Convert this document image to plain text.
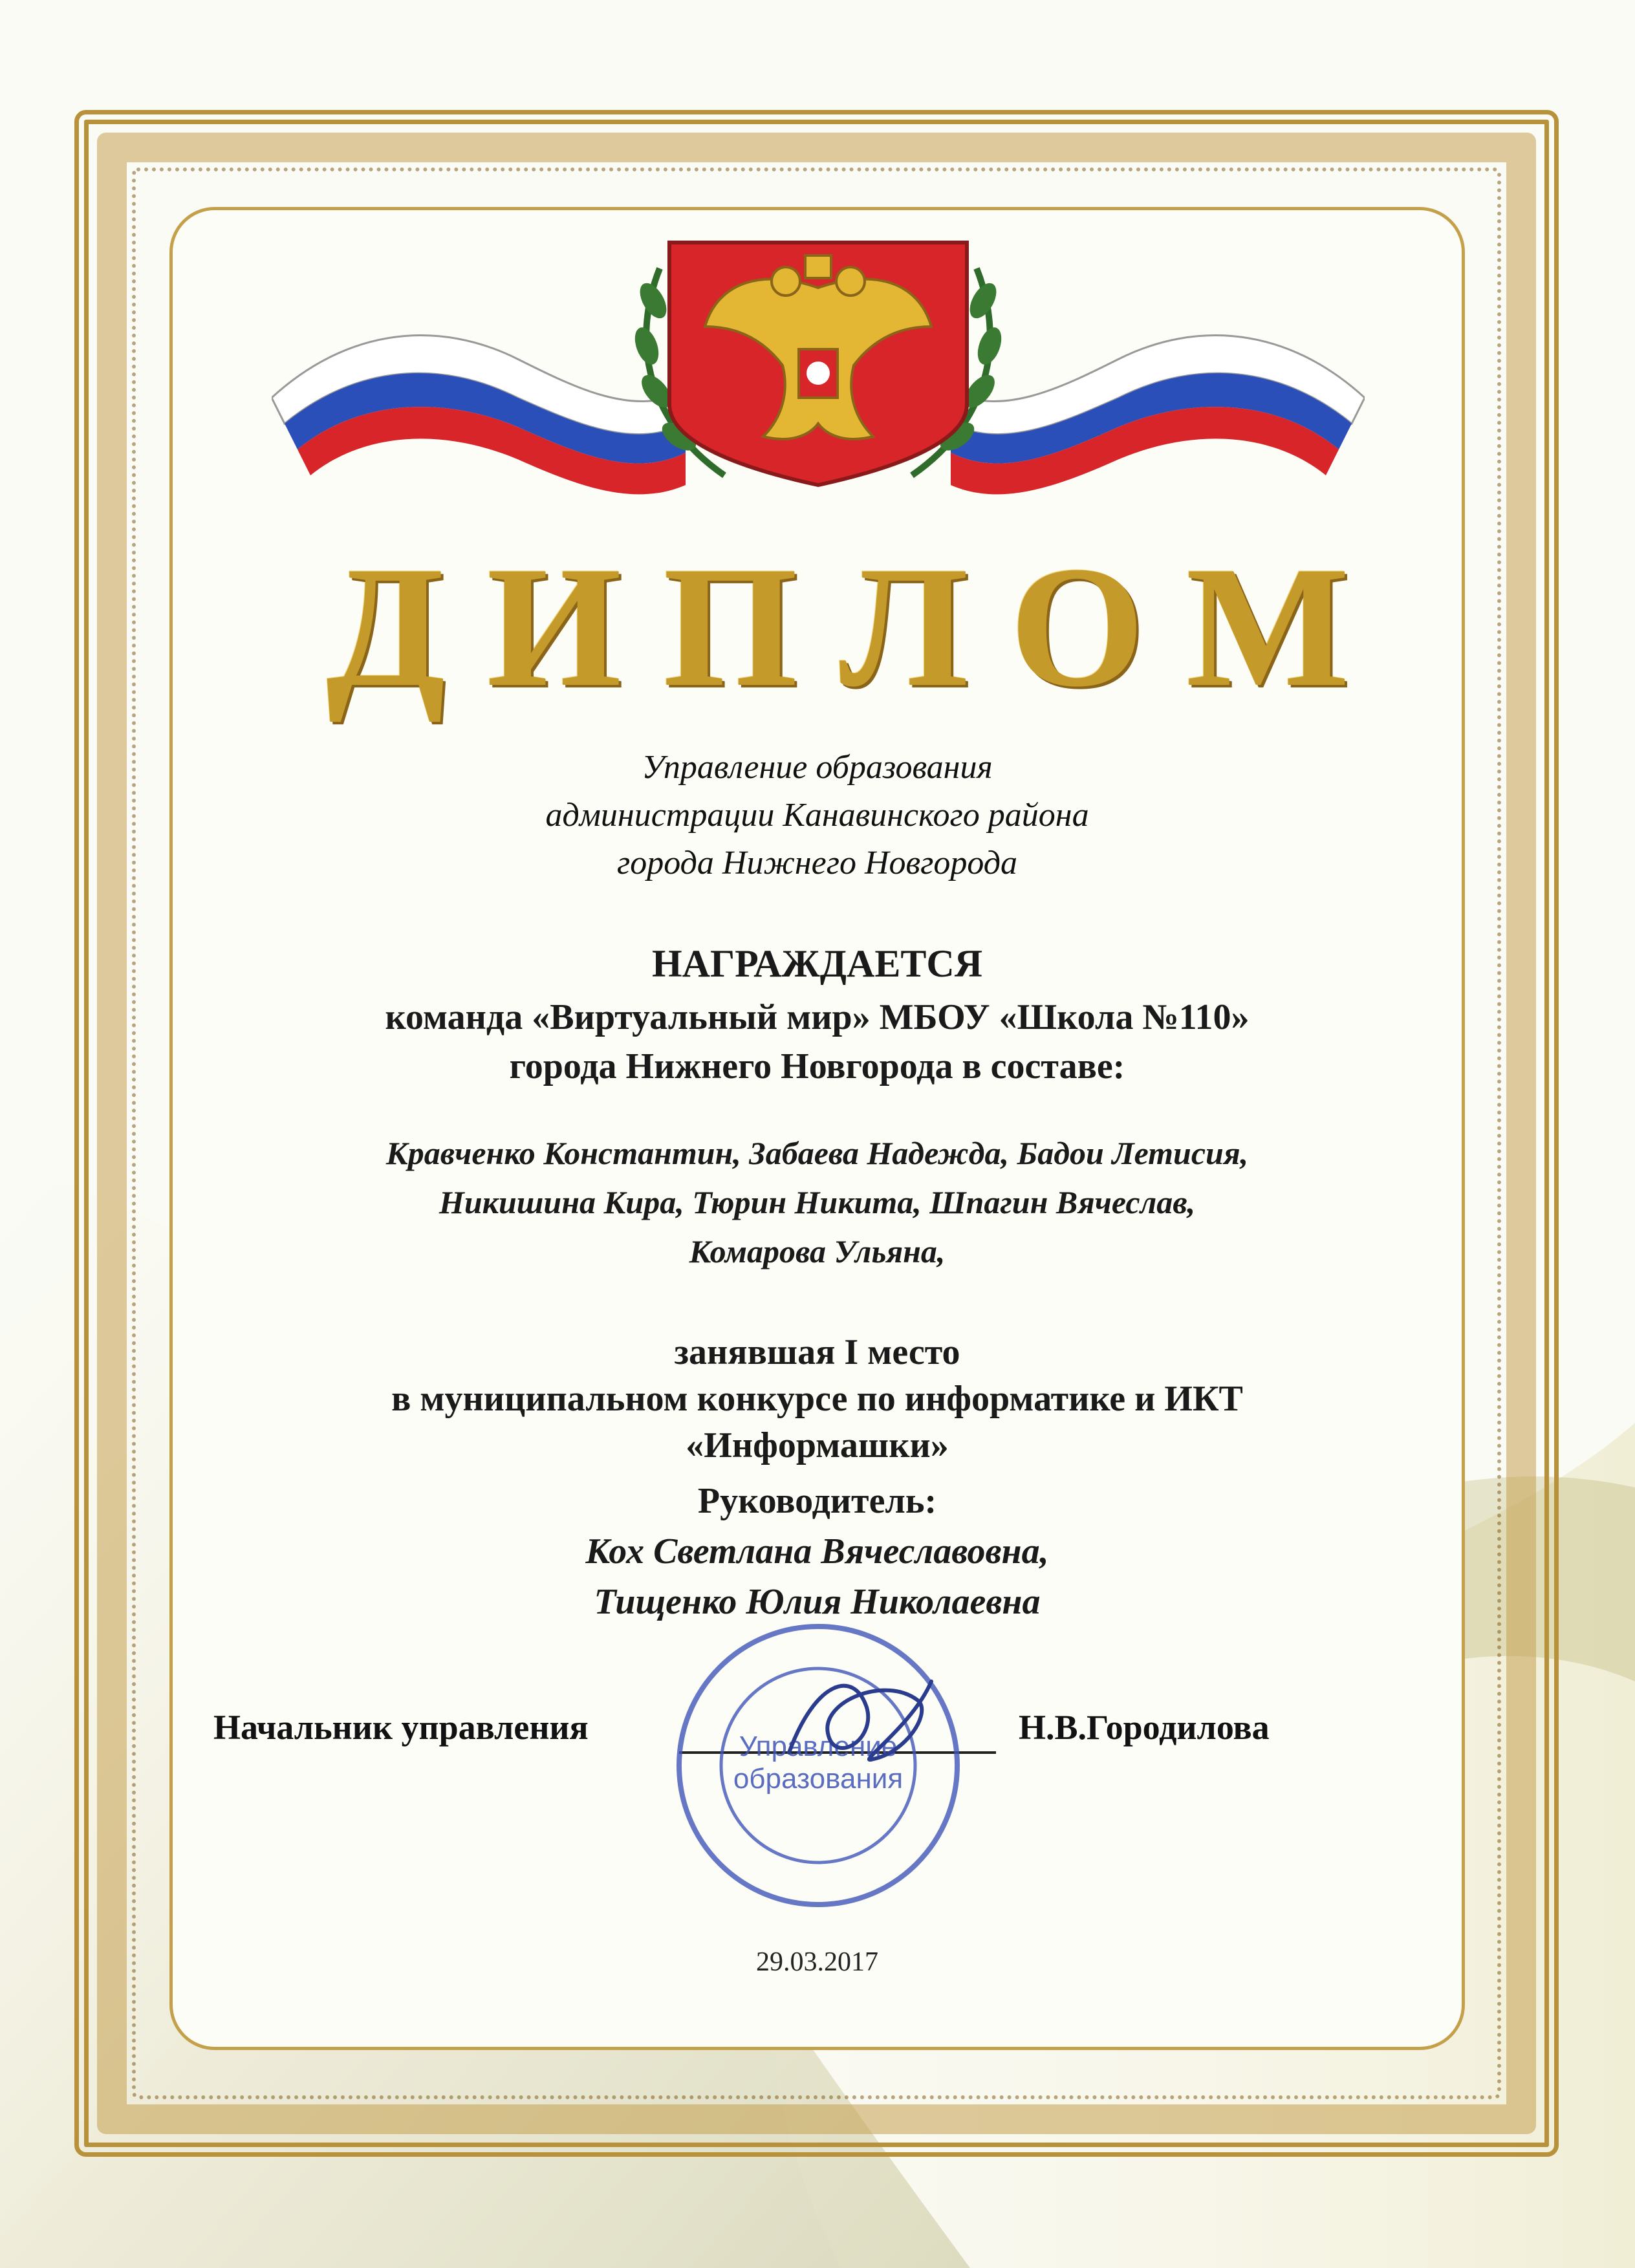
ДИПЛОМ
Управление образования
администрации Канавинского района
города Нижнего Новгорода
НАГРАЖДАЕТСЯ
команда «Виртуальный мир» МБОУ «Школа №110»
города Нижнего Новгорода в составе:
Кравченко Константин, Забаева Надежда, Бадои Летисия,
Никишина Кира, Тюрин Никита, Шпагин Вячеслав,
Комарова Ульяна,
занявшая I место
в муниципальном конкурсе по информатике и ИКТ
«Информашки»
Руководитель:
Кох Светлана Вячеславовна,
Тищенко Юлия Николаевна
Начальник управления	Н.В.Городилова
Управление
образования
29.03.2017
